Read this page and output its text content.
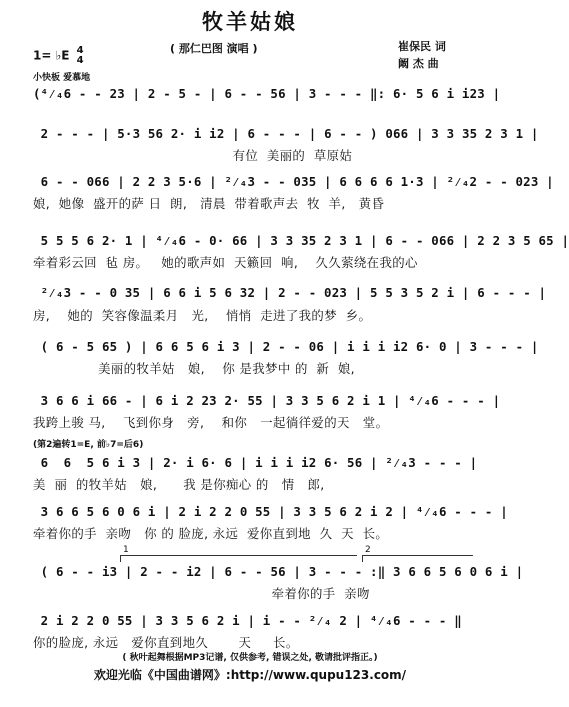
牧羊姑娘
( 那仁巴图 演唱 )	崔保民 词
阚 杰 曲
1= ♭E 4
4
小快板 爱慕地
(⁴⁄₄6 - - 23 | 2 - 5 - | 6 - - 56 | 3 - - - ‖: 6· 5 6 i i23 |
2 - - - | 5·3 56 2· i i2 | 6 - - - | 6 - - ) 066 | 3 3 35 2 3 1 |
有位  美丽的  草原姑
6 - - 066 | 2 2 3 5·6 | ²⁄₄3 - - 035 | 6 6 6 6 1·3 | ²⁄₄2 - - 023 |
娘,  她像  盛开的萨 日  朗,   清晨  带着歌声去  牧  羊,   黄昏
5 5 5 6 2· 1 | ⁴⁄₄6 - 0· 66 | 3 3 35 2 3 1 | 6 - - 066 | 2 2 3 5 65 |
牵着彩云回  毡 房。   她的歌声如  天籁回  响,    久久萦绕在我的心
²⁄₄3 - - 0 35 | 6 6 i 5 6 32 | 2 - - 023 | 5 5 3 5 2 i | 6 - - - |
房,    她的  笑容像温柔月   光,    悄悄  走进了我的梦  乡。
( 6 - 5 65 ) | 6 6 5 6 i 3 | 2 - - 06 | i i i i2 6· 0 | 3 - - - |
美丽的牧羊姑   娘,    你 是我梦中 的  新  娘,
3 6 6 i 66 - | 6 i 2 23 2· 55 | 3 3 5 6 2 i 1 | ⁴⁄₄6 - - - |
我跨上骏 马,    飞到你身   旁,    和你   一起徜徉爱的天   堂。
(第2遍转1=E, 前♭7=后6)
6  6  5 6 i 3 | 2· i 6· 6 | i i i i2 6· 56 | ²⁄₄3 - - - |
美  丽  的牧羊姑   娘,      我 是你痴心 的   情   郎,
3 6 6 5 6 0 6 i | 2 i 2 2 0 55 | 3 3 5 6 2 i 2 | ⁴⁄₄6 - - - |
牵着你的手  亲吻   你 的 脸庞, 永远  爱你直到地  久  天  长。
1	2
( 6 - - i3 | 2 - - i2 | 6 - - 56 | 3 - - - :‖ 3 6 6 5 6 0 6 i |
牵着你的手  亲吻
2 i 2 2 0 55 | 3 3 5 6 2 i | i - - ²⁄₄ 2 | ⁴⁄₄6 - - - ‖
你的脸庞, 永远   爱你直到地久       天     长。
( 秋叶起舞根据MP3记谱, 仅供参考, 错误之处, 敬请批评指正。)
欢迎光临《中国曲谱网》:http://www.qupu123.com/
